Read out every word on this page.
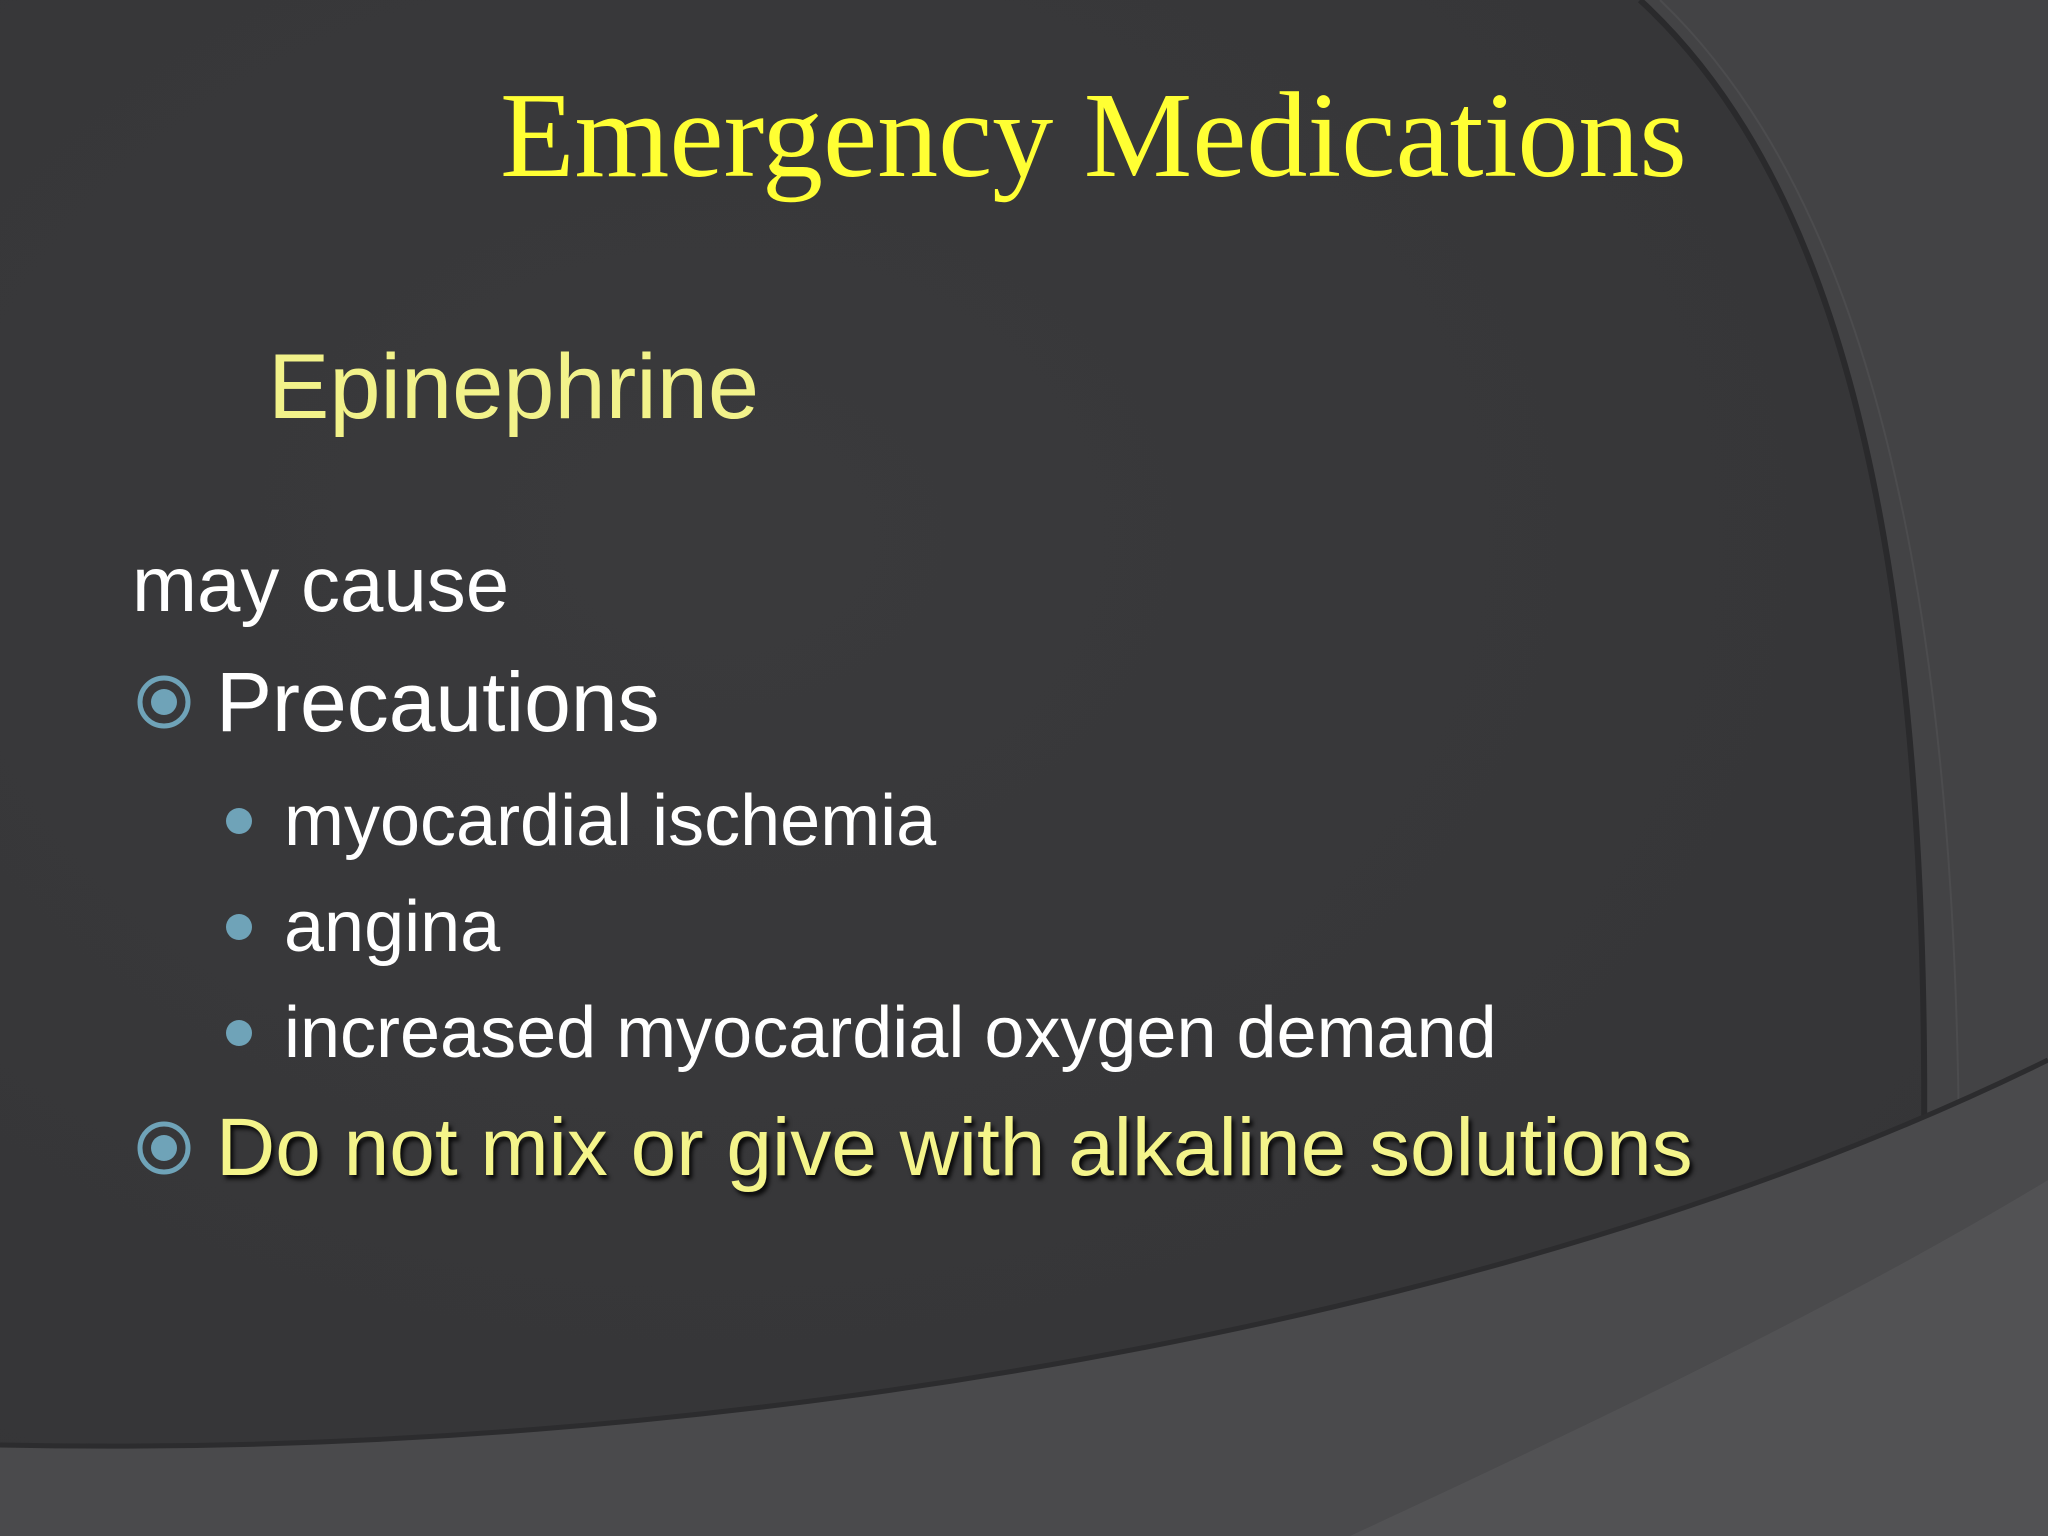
Emergency Medications
Epinephrine
may cause
Precautions
myocardial ischemia
angina
increased myocardial oxygen demand
Do not mix or give with alkaline solutions
